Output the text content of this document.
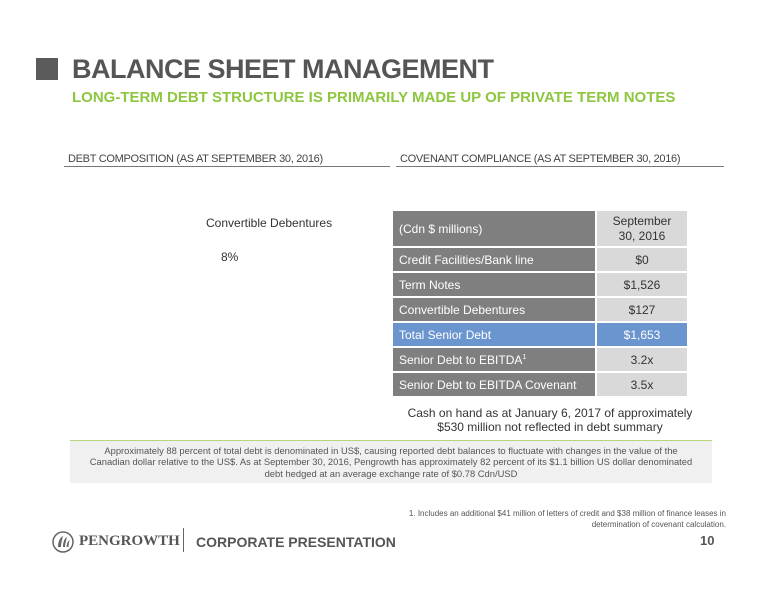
BALANCE SHEET MANAGEMENT
LONG-TERM DEBT STRUCTURE IS PRIMARILY MADE UP OF PRIVATE TERM NOTES
DEBT COMPOSITION (AS AT SEPTEMBER 30, 2016)	COVENANT COMPLIANCE (AS AT SEPTEMBER 30, 2016)
Convertible Debentures
8%
(Cdn $ millions)	September 30, 2016
Credit Facilities/Bank line	$0
Term Notes	$1,526
Convertible Debentures	$127
Total Senior Debt	$1,653
Senior Debt to EBITDA$^1$	3.2x
Senior Debt to EBITDA Covenant	3.5x
Cash on hand as at January 6, 2017 of approximately $530 million not reflected in debt summary

Approximately 88 percent of total debt is denominated in US$, causing reported debt balances to fluctuate with changes in the value of the Canadian dollar relative to the US$. As at September 30, 2016, Pengrowth has approximately 82 percent of its $1.1 billion US dollar denominated debt hedged at an average exchange rate of $0.78 Cdn/USD

1. Includes an additional $41 million of letters of credit and $38 million of finance leases in determination of covenant calculation.
PENGROWTH CORPORATE PRESENTATION	10
